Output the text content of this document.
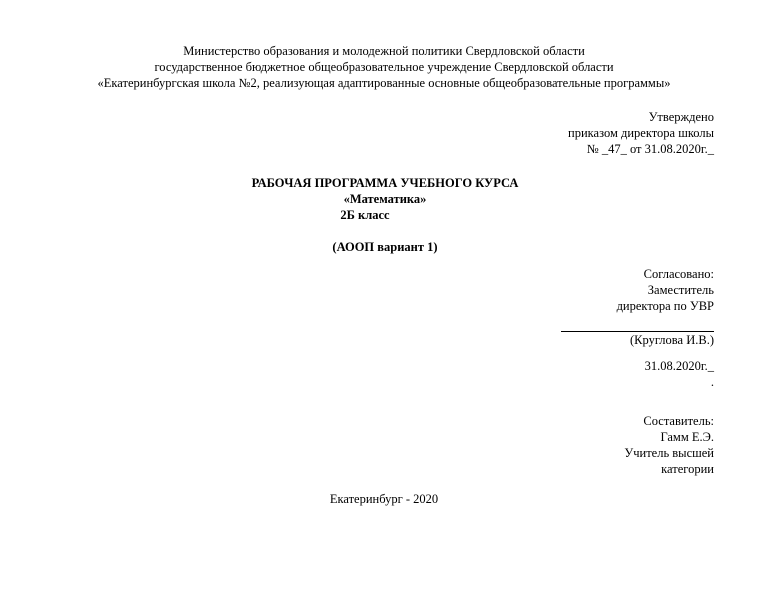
Министерство образования и молодежной политики Свердловской области
государственное бюджетное общеобразовательное учреждение Свердловской области
«Екатеринбургская школа №2, реализующая адаптированные основные общеобразовательные программы»
Утверждено
приказом директора школы
№ _47_ от 31.08.2020г._
РАБОЧАЯ ПРОГРАММА УЧЕБНОГО КУРСА
«Математика»
2Б класс
(АООП вариант 1)
Согласовано:
Заместитель
директора по УВР
(Круглова И.В.)
31.08.2020г._
.
Составитель:
Гамм Е.Э.
Учитель высшей
категории
Екатеринбург - 2020
